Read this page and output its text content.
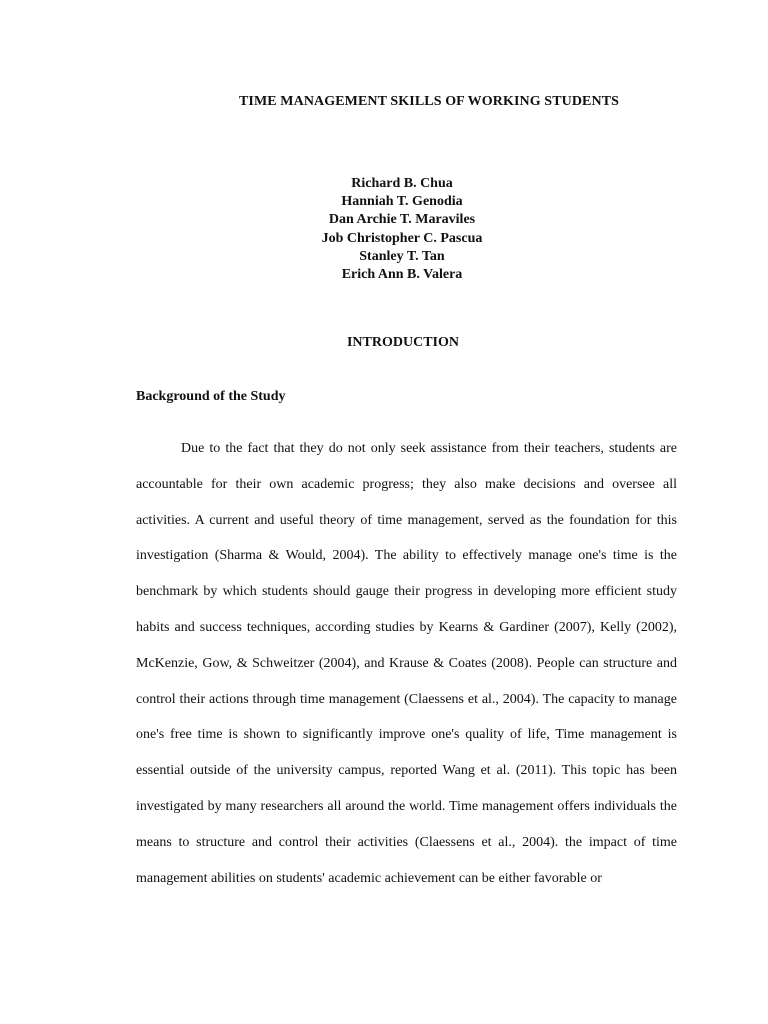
TIME MANAGEMENT SKILLS OF WORKING STUDENTS
Richard B. Chua
Hanniah T. Genodia
Dan Archie T. Maraviles
Job Christopher C. Pascua
Stanley T. Tan
Erich Ann B. Valera
INTRODUCTION
Background of the Study

Due to the fact that they do not only seek assistance from their teachers, students are accountable for their own academic progress; they also make decisions and oversee all activities. A current and useful theory of time management, served as the foundation for this investigation (Sharma & Would, 2004). The ability to effectively manage one's time is the benchmark by which students should gauge their progress in developing more efficient study habits and success techniques, according studies by Kearns & Gardiner (2007), Kelly (2002), McKenzie, Gow, & Schweitzer (2004), and Krause & Coates (2008). People can structure and control their actions through time management (Claessens et al., 2004). The capacity to manage one's free time is shown to significantly improve one's quality of life, Time management is essential outside of the university campus, reported Wang et al. (2011). This topic has been investigated by many researchers all around the world. Time management offers individuals the means to structure and control their activities (Claessens et al., 2004). the impact of time management abilities on students' academic achievement can be either favorable or
